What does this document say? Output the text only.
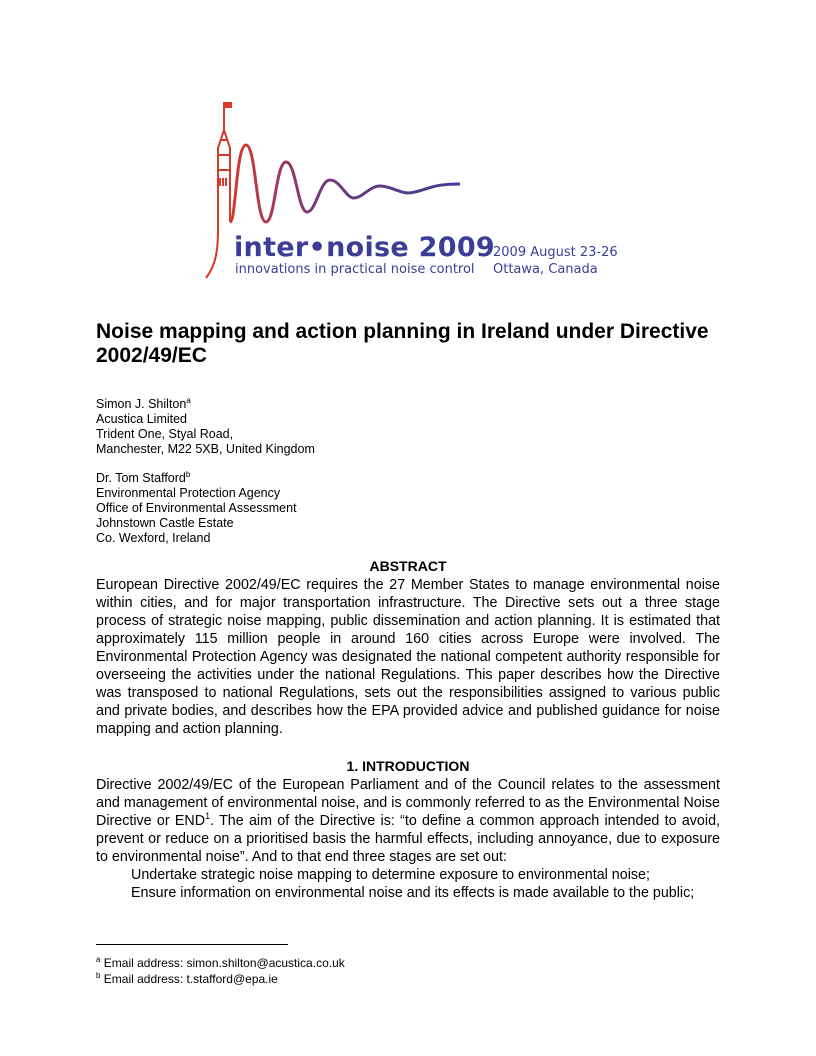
inter•noise 2009
innovations in practical noise control
2009 August 23-26
Ottawa, Canada
Noise mapping and action planning in Ireland under Directive 2002/49/EC
Simon J. Shilton$^a$
Acustica Limited
Trident One, Styal Road,
Manchester, M22 5XB, United Kingdom
Dr. Tom Stafford$^b$
Environmental Protection Agency
Office of Environmental Assessment
Johnstown Castle Estate
Co. Wexford, Ireland
ABSTRACT

European Directive 2002/49/EC requires the 27 Member States to manage environmental noise within cities, and for major transportation infrastructure. The Directive sets out a three stage process of strategic noise mapping, public dissemination and action planning. It is estimated that approximately 115 million people in around 160 cities across Europe were involved. The Environmental Protection Agency was designated the national competent authority responsible for overseeing the activities under the national Regulations. This paper describes how the Directive was transposed to national Regulations, sets out the responsibilities assigned to various public and private bodies, and describes how the EPA provided advice and published guidance for noise mapping and action planning.

1. INTRODUCTION

Directive 2002/49/EC of the European Parliament and of the Council relates to the assessment and management of environmental noise, and is commonly referred to as the Environmental Noise Directive or END$^1$. The aim of the Directive is: “to define a common approach intended to avoid, prevent or reduce on a prioritised basis the harmful effects, including annoyance, due to exposure to environmental noise”. And to that end three stages are set out:

Undertake strategic noise mapping to determine exposure to environmental noise;

Ensure information on environmental noise and its effects is made available to the public;

$^a$ Email address: simon.shilton@acustica.co.uk
$^b$ Email address: t.stafford@epa.ie
